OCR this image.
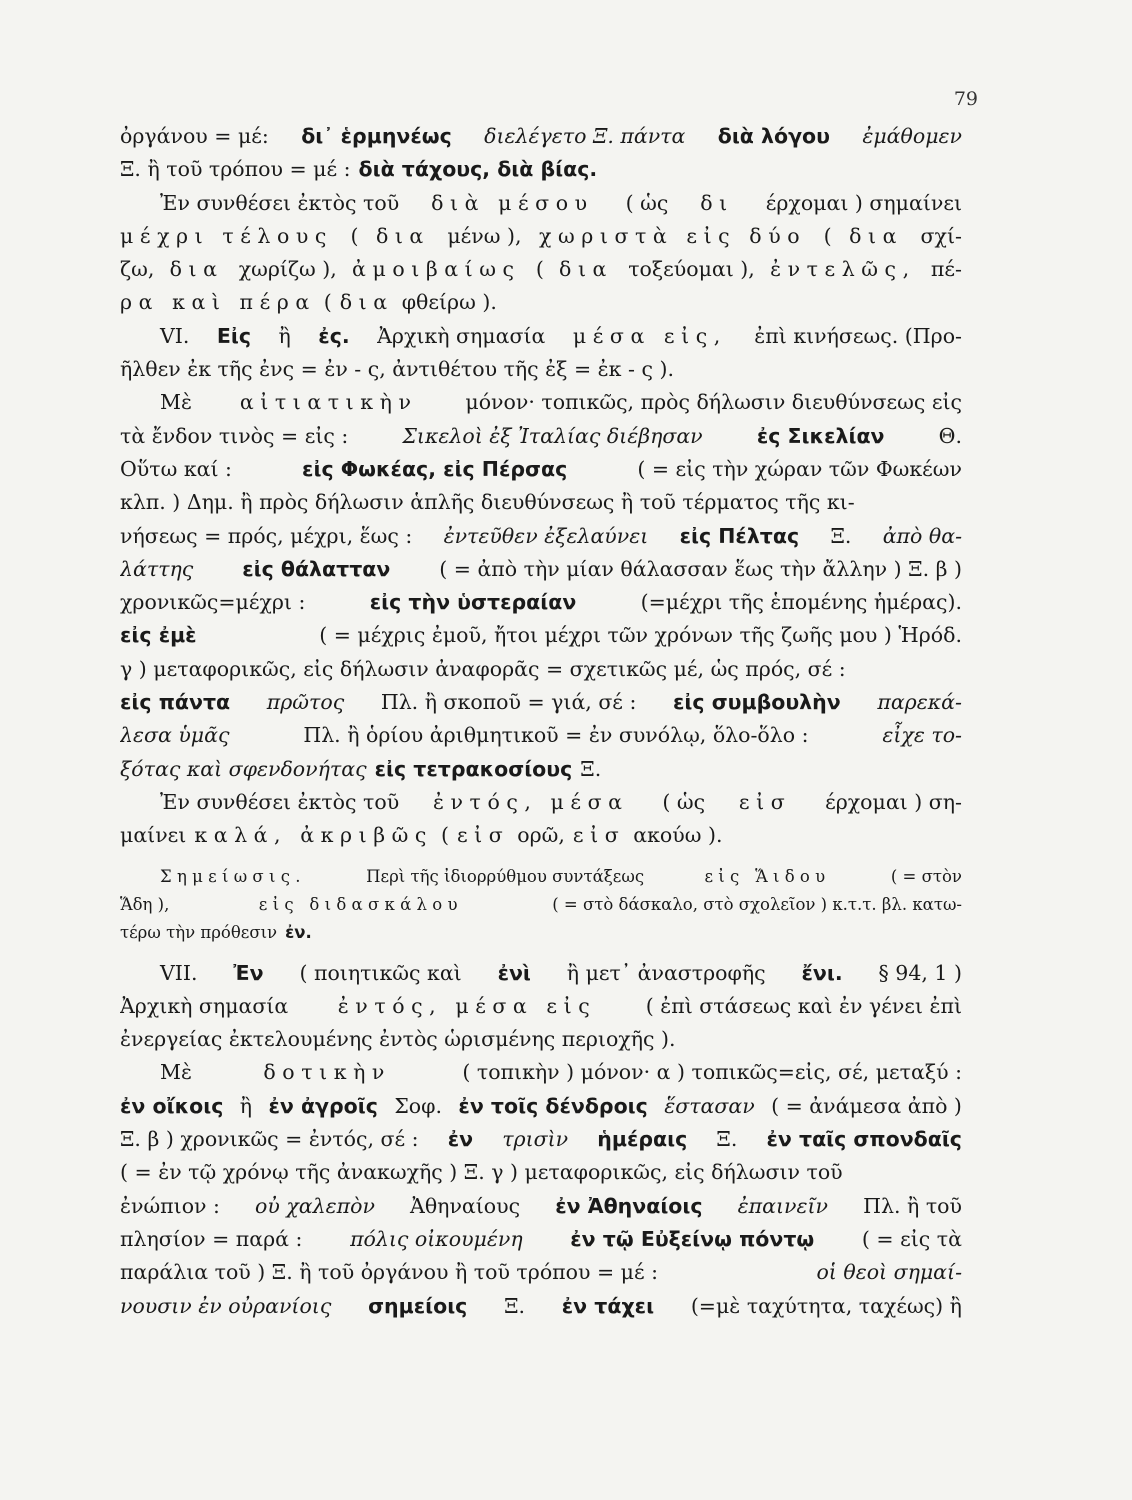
79
ὀργάνου = μέ: δι᾿ ἑρμηνέως διελέγετο Ξ. πάντα διὰ λόγου ἐμάθομεν
Ξ. ἢ τοῦ τρόπου = μέ : διὰ τάχους, διὰ βίας.
Ἐν συνθέσει ἐκτὸς τοῦ διὰ μέσου ( ὡς δι έρχομαι ) σημαίνει
μέχρι τέλους ( δια μένω ), χωριστὰ εἰς δύο ( δια σχί-
ζω, δια χωρίζω ), ἀμοιβαίως ( δια τοξεύομαι ), ἐντελῶς, πέ-
ρα καὶ πέρα ( δια φθείρω ).
VI. Εἰς ἢ ἐς. Ἀρχικὴ σημασία μέσα εἰς, ἐπὶ κινήσεως. (Προ-
ῆλθεν ἐκ τῆς ἐνς = ἐν - ς, ἀντιθέτου τῆς ἐξ = ἐκ - ς ).
Μὲ αἰτιατικὴν μόνον· τοπικῶς, πρὸς δήλωσιν διευθύνσεως εἰς
τὰ ἔνδον τινὸς = εἰς :	Σικελοὶ ἐξ Ἰταλίας διέβησαν	ἐς Σικελίαν	Θ.
Οὕτω καί :	εἰς Φωκέας, εἰς Πέρσας	( = εἰς τὴν χώραν τῶν Φωκέων
κλπ. ) Δημ. ἢ πρὸς δήλωσιν ἁπλῆς διευθύνσεως ἢ τοῦ τέρματος τῆς κι-
νήσεως = πρός, μέχρι, ἕως : ἐντεῦθεν ἐξελαύνει εἰς Πέλτας Ξ. ἀπὸ θα-
λάττης εἰς θάλατταν ( = ἀπὸ τὴν μίαν θάλασσαν ἕως τὴν ἄλλην ) Ξ. β )
χρονικῶς=μέχρι :	εἰς τὴν ὑστεραίαν	(=μέχρι τῆς ἑπομένης ἡμέρας).
εἰς ἐμὲ	( = μέχρις ἐμοῦ, ἤτοι μέχρι τῶν χρόνων τῆς ζωῆς μου ) Ἡρόδ.
γ ) μεταφορικῶς, εἰς δήλωσιν ἀναφορᾶς = σχετικῶς μέ, ὡς πρός, σέ :
εἰς πάντα πρῶτος Πλ. ἢ σκοποῦ = γιά, σέ : εἰς συμβουλὴν παρεκά-
λεσα ὑμᾶς	Πλ. ἢ ὁρίου ἀριθμητικοῦ = ἐν συνόλῳ, ὅλο-ὅλο :	εἶχε το-
ξότας καὶ σφενδονήτας εἰς τετρακοσίους Ξ.
Ἐν συνθέσει ἐκτὸς τοῦ ἐντός, μέσα ( ὡς εἰσ έρχομαι ) ση-
μαίνει καλά, ἀκριβῶς ( εἰσ ορῶ, εἰσ ακούω ).
Σημείωσις.	Περὶ τῆς ἰδιορρύθμου συντάξεως	εἰς Ἅιδου	( = στὸν
Ἅδη ),	εἰς διδασκάλου	( = στὸ δάσκαλο, στὸ σχολεῖον ) κ.τ.τ. βλ. κατω-
τέρω τὴν πρόθεσιν ἐν.
VII. Ἐν ( ποιητικῶς καὶ ἐνὶ ἢ μετ᾿ ἀναστροφῆς ἔνι. § 94, 1 )
Ἀρχικὴ σημασία ἐντός, μέσα εἰς ( ἐπὶ στάσεως καὶ ἐν γένει ἐπὶ
ἐνεργείας ἐκτελουμένης ἐντὸς ὡρισμένης περιοχῆς ).
Μὲ	δοτικὴν	( τοπικὴν ) μόνον· α ) τοπικῶς=εἰς, σέ, μεταξύ :
ἐν οἴκοις ἢ ἐν ἀγροῖς Σοφ. ἐν τοῖς δένδροις ἕστασαν ( = ἀνάμεσα ἀπὸ )
Ξ. β ) χρονικῶς = ἐντός, σέ : ἐν τρισὶν ἡμέραις Ξ. ἐν ταῖς σπονδαῖς
( = ἐν τῷ χρόνῳ τῆς ἀνακωχῆς ) Ξ. γ ) μεταφορικῶς, εἰς δήλωσιν τοῦ
ἐνώπιον : οὐ χαλεπὸν Ἀθηναίους ἐν Ἀθηναίοις ἐπαινεῖν Πλ. ἢ τοῦ
πλησίον = παρά : πόλις οἰκουμένη ἐν τῷ Εὐξείνῳ πόντῳ ( = εἰς τὰ
παράλια τοῦ ) Ξ. ἢ τοῦ ὀργάνου ἢ τοῦ τρόπου = μέ :	οἱ θεοὶ σημαί-
νουσιν ἐν οὐρανίοις σημείοις Ξ. ἐν τάχει (=μὲ ταχύτητα, ταχέως) ἢ
